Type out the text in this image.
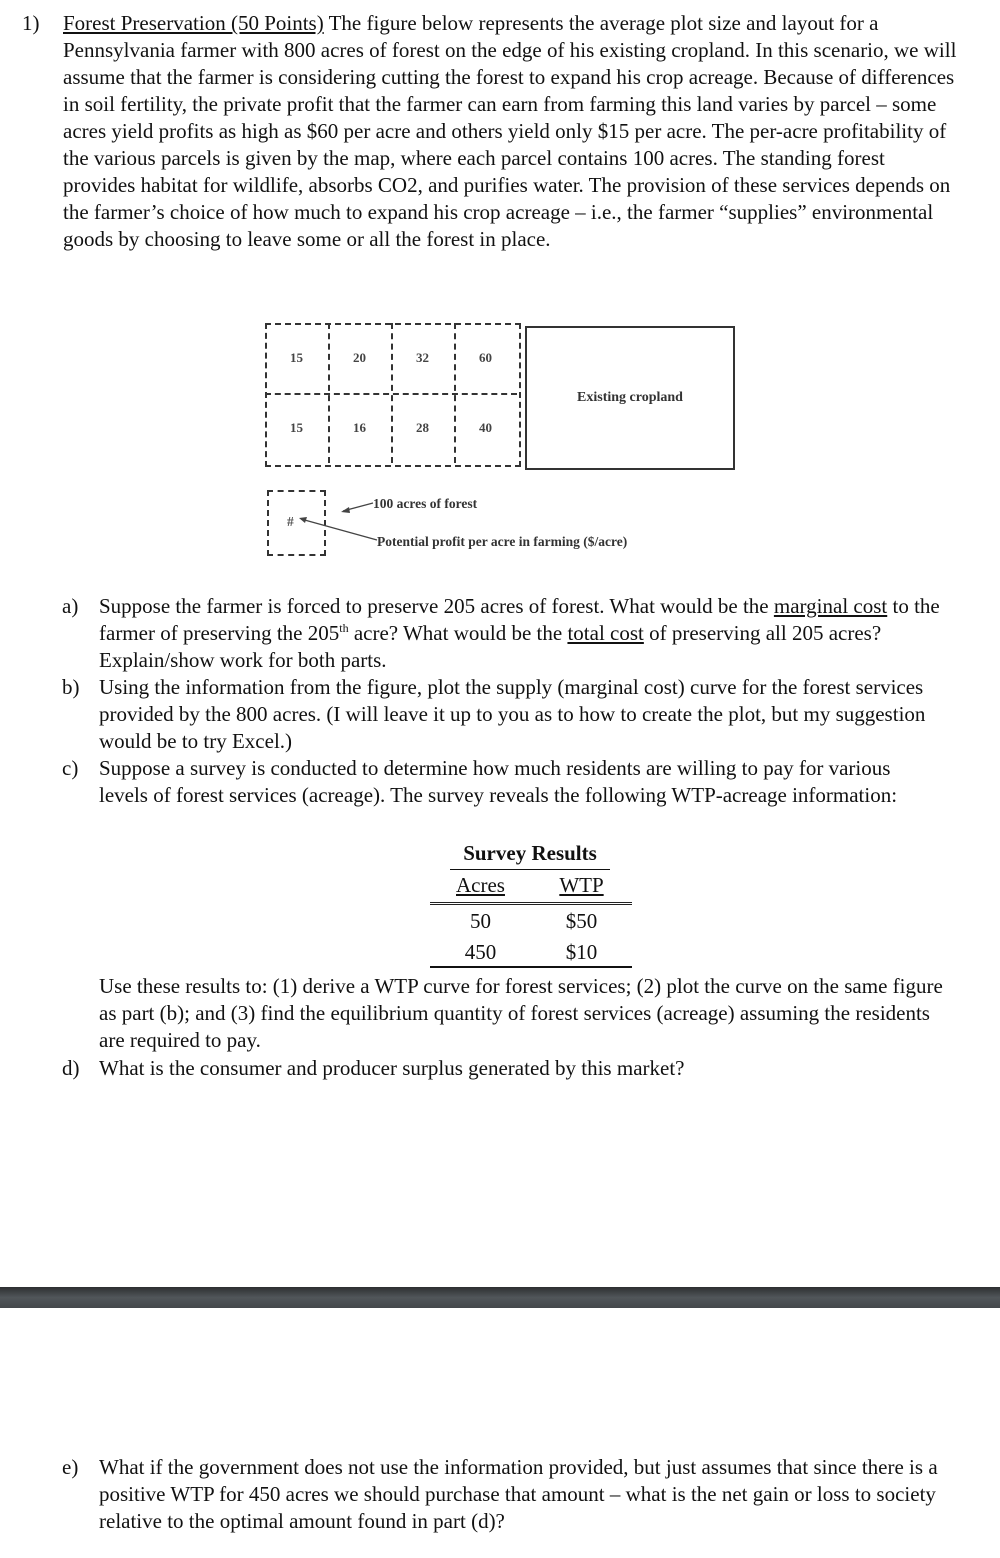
1) Forest Preservation (50 Points) The figure below represents the average plot size and layout for a Pennsylvania farmer with 800 acres of forest on the edge of his existing cropland. In this scenario, we will assume that the farmer is considering cutting the forest to expand his crop acreage. Because of differences in soil fertility, the private profit that the farmer can earn from farming this land varies by parcel – some acres yield profits as high as $60 per acre and others yield only $15 per acre. The per-acre profitability of the various parcels is given by the map, where each parcel contains 100 acres. The standing forest provides habitat for wildlife, absorbs CO2, and purifies water. The provision of these services depends on the farmer’s choice of how much to expand his crop acreage – i.e., the farmer “supplies” environmental goods by choosing to leave some or all the forest in place.
15	20	32	60
15	16	28	40
Existing cropland
#
100 acres of forest
Potential profit per acre in farming ($/acre)
a) Suppose the farmer is forced to preserve 205 acres of forest. What would be the marginal cost to the farmer of preserving the 205th acre? What would be the total cost of preserving all 205 acres? Explain/show work for both parts.
b) Using the information from the figure, plot the supply (marginal cost) curve for the forest services provided by the 800 acres. (I will leave it up to you as to how to create the plot, but my suggestion would be to try Excel.)
c) Suppose a survey is conducted to determine how much residents are willing to pay for various levels of forest services (acreage). The survey reveals the following WTP-acreage information:
Survey Results
Acres	WTP
50	$50
450	$10
Use these results to: (1) derive a WTP curve for forest services; (2) plot the curve on the same figure as part (b); and (3) find the equilibrium quantity of forest services (acreage) assuming the residents are required to pay.
d) What is the consumer and producer surplus generated by this market?
e) What if the government does not use the information provided, but just assumes that since there is a positive WTP for 450 acres we should purchase that amount – what is the net gain or loss to society relative to the optimal amount found in part (d)?
